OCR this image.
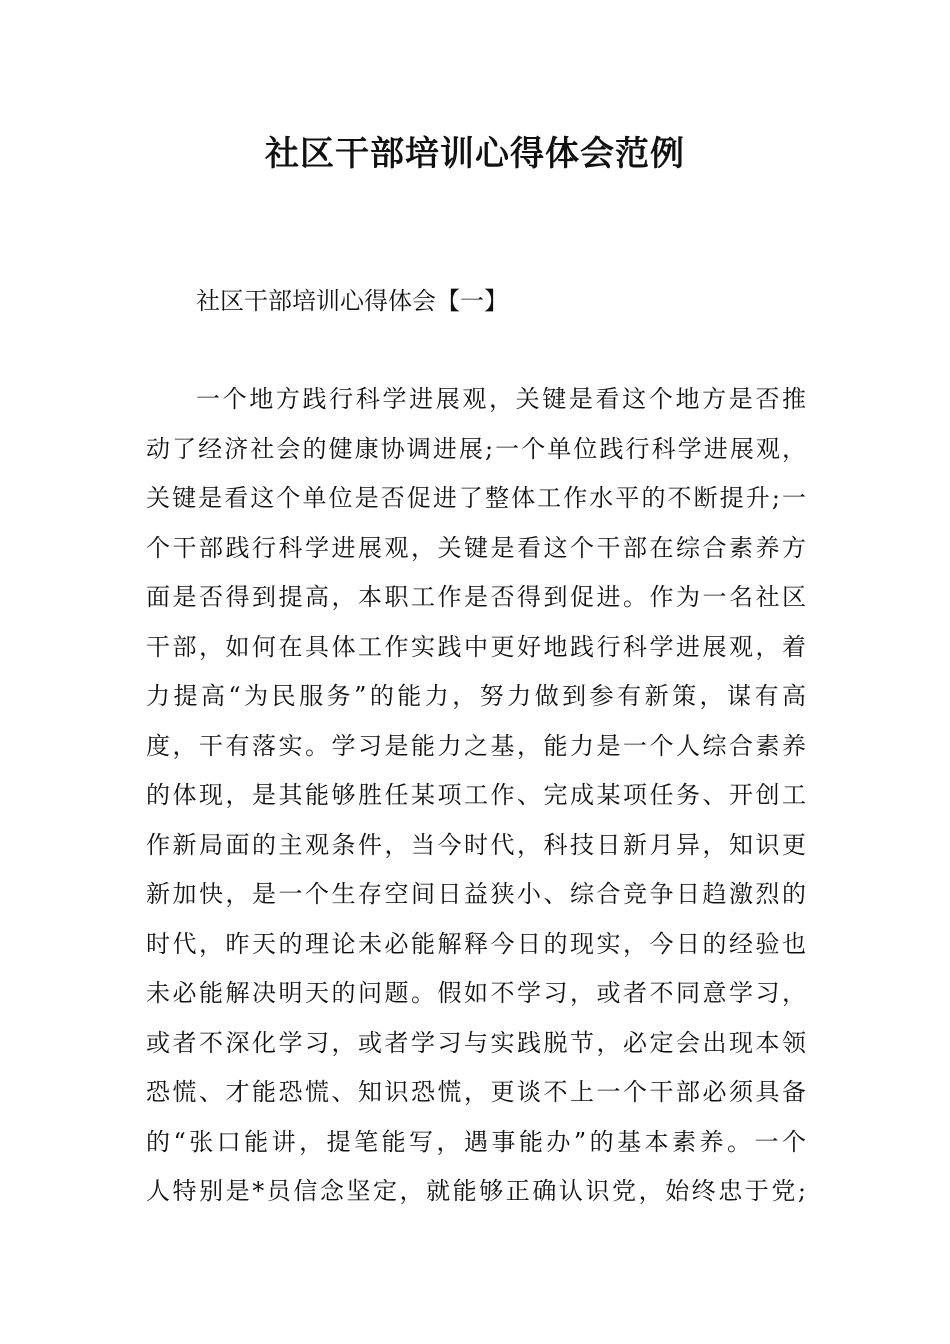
社区干部培训心得体会范例
社区干部培训心得体会【一】
一个地方践行科学进展观，关键是看这个地方是否推
动了经济社会的健康协调进展;一个单位践行科学进展观，
关键是看这个单位是否促进了整体工作水平的不断提升;一
个干部践行科学进展观，关键是看这个干部在综合素养方
面是否得到提高，本职工作是否得到促进。作为一名社区
干部，如何在具体工作实践中更好地践行科学进展观，着
力提高“为民服务”的能力，努力做到参有新策，谋有高
度，干有落实。学习是能力之基，能力是一个人综合素养
的体现，是其能够胜任某项工作、完成某项任务、开创工
作新局面的主观条件，当今时代，科技日新月异，知识更
新加快，是一个生存空间日益狭小、综合竞争日趋激烈的
时代，昨天的理论未必能解释今日的现实，今日的经验也
未必能解决明天的问题。假如不学习，或者不同意学习，
或者不深化学习，或者学习与实践脱节，必定会出现本领
恐慌、才能恐慌、知识恐慌，更谈不上一个干部必须具备
的“张口能讲，提笔能写，遇事能办”的基本素养。一个
人特别是*员信念坚定，就能够正确认识党，始终忠于党;
